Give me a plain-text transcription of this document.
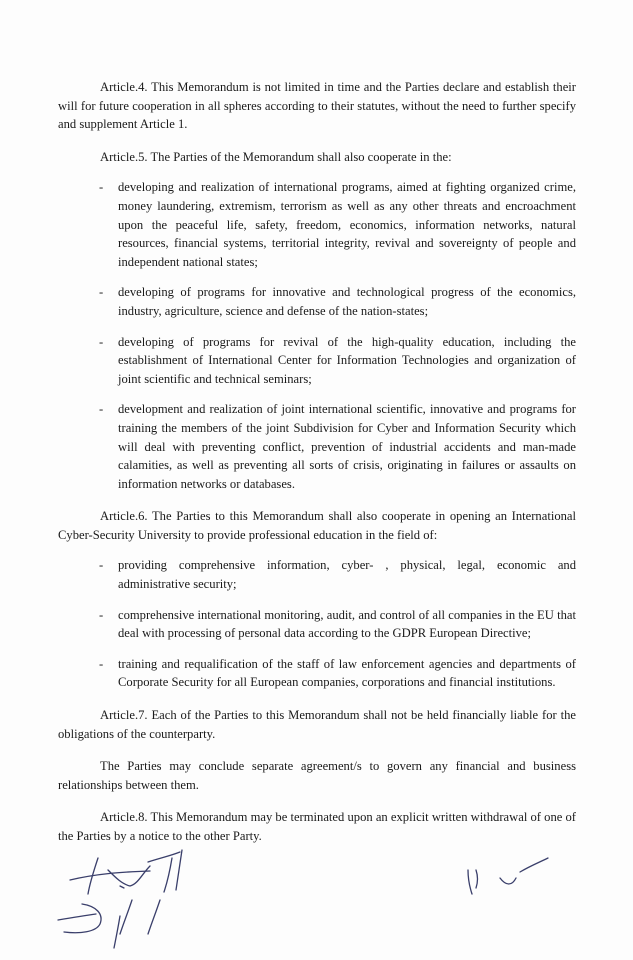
Article.4. This Memorandum is not limited in time and the Parties declare and establish their will for future cooperation in all spheres according to their statutes, without the need to further specify and supplement Article 1.

Article.5. The Parties of the Memorandum shall also cooperate in the:

- developing and realization of international programs, aimed at fighting organized crime, money laundering, extremism, terrorism as well as any other threats and encroachment upon the peaceful life, safety, freedom, economics, information networks, natural resources, financial systems, territorial integrity, revival and sovereignty of people and independent national states;
- developing of programs for innovative and technological progress of the economics, industry, agriculture, science and defense of the nation-states;
- developing of programs for revival of the high-quality education, including the establishment of International Center for Information Technologies and organization of joint scientific and technical seminars;
- development and realization of joint international scientific, innovative and programs for training the members of the joint Subdivision for Cyber and Information Security which will deal with preventing conflict, prevention of industrial accidents and man-made calamities, as well as preventing all sorts of crisis, originating in failures or assaults on information networks or databases.

Article.6. The Parties to this Memorandum shall also cooperate in opening an International Cyber-Security University to provide professional education in the field of:

- providing comprehensive information, cyber- , physical, legal, economic and administrative security;
- comprehensive international monitoring, audit, and control of all companies in the EU that deal with processing of personal data according to the GDPR European Directive;
- training and requalification of the staff of law enforcement agencies and departments of Corporate Security for all European companies, corporations and financial institutions.

Article.7. Each of the Parties to this Memorandum shall not be held financially liable for the obligations of the counterparty.

The Parties may conclude separate agreement/s to govern any financial and business relationships between them.

Article.8. This Memorandum may be terminated upon an explicit written withdrawal of one of the Parties by a notice to the other Party.
